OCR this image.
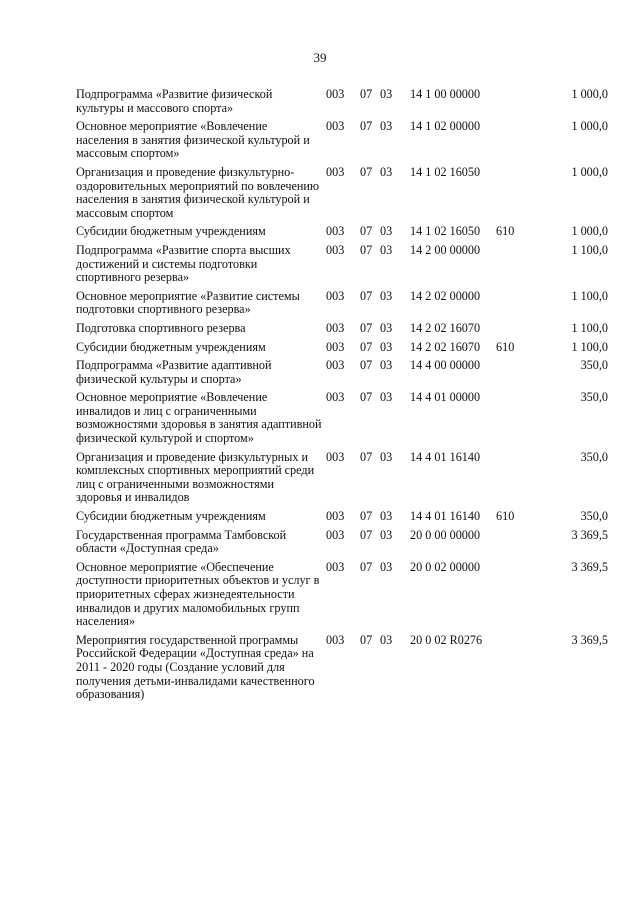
39
Подпрограмма «Развитие физической культуры и массового спорта»
003	07 03	14 1 00 00000	1 000,0
Основное мероприятие «Вовлечение населения в занятия физической культурой и массовым спортом»
003	07 03	14 1 02 00000	1 000,0
Организация и проведение физкультурно-оздоровительных мероприятий по вовлечению населения в занятия физической культурой и массовым спортом
003	07 03	14 1 02 16050	1 000,0
Субсидии бюджетным учреждениям	003	07 03	14 1 02 16050	610	1 000,0
Подпрограмма «Развитие спорта высших достижений и системы подготовки спортивного резерва»
003	07 03	14 2 00 00000	1 100,0
Основное мероприятие «Развитие системы подготовки спортивного резерва»
003	07 03	14 2 02 00000	1 100,0
Подготовка спортивного резерва	003	07 03	14 2 02 16070	1 100,0
Субсидии бюджетным учреждениям	003	07 03	14 2 02 16070	610	1 100,0
Подпрограмма «Развитие адаптивной физической культуры и спорта»
003	07 03	14 4 00 00000	350,0
Основное мероприятие «Вовлечение инвалидов и лиц с ограниченными возможностями здоровья в занятия адаптивной физической культурой и спортом»
003	07 03	14 4 01 00000	350,0
Организация и проведение физкультурных и комплексных спортивных мероприятий среди лиц с ограниченными возможностями здоровья и инвалидов
003	07 03	14 4 01 16140	350,0
Субсидии бюджетным учреждениям	003	07 03	14 4 01 16140	610	350,0
Государственная программа Тамбовской области «Доступная среда»
003	07 03	20 0 00 00000	3 369,5
Основное мероприятие «Обеспечение доступности приоритетных объектов и услуг в приоритетных сферах жизнедеятельности инвалидов и других маломобильных групп населения»
003	07 03	20 0 02 00000	3 369,5
Мероприятия государственной программы Российской Федерации «Доступная среда» на 2011 - 2020 годы (Создание условий для получения детьми-инвалидами качественного образования)
003	07 03	20 0 02 R0276	3 369,5
